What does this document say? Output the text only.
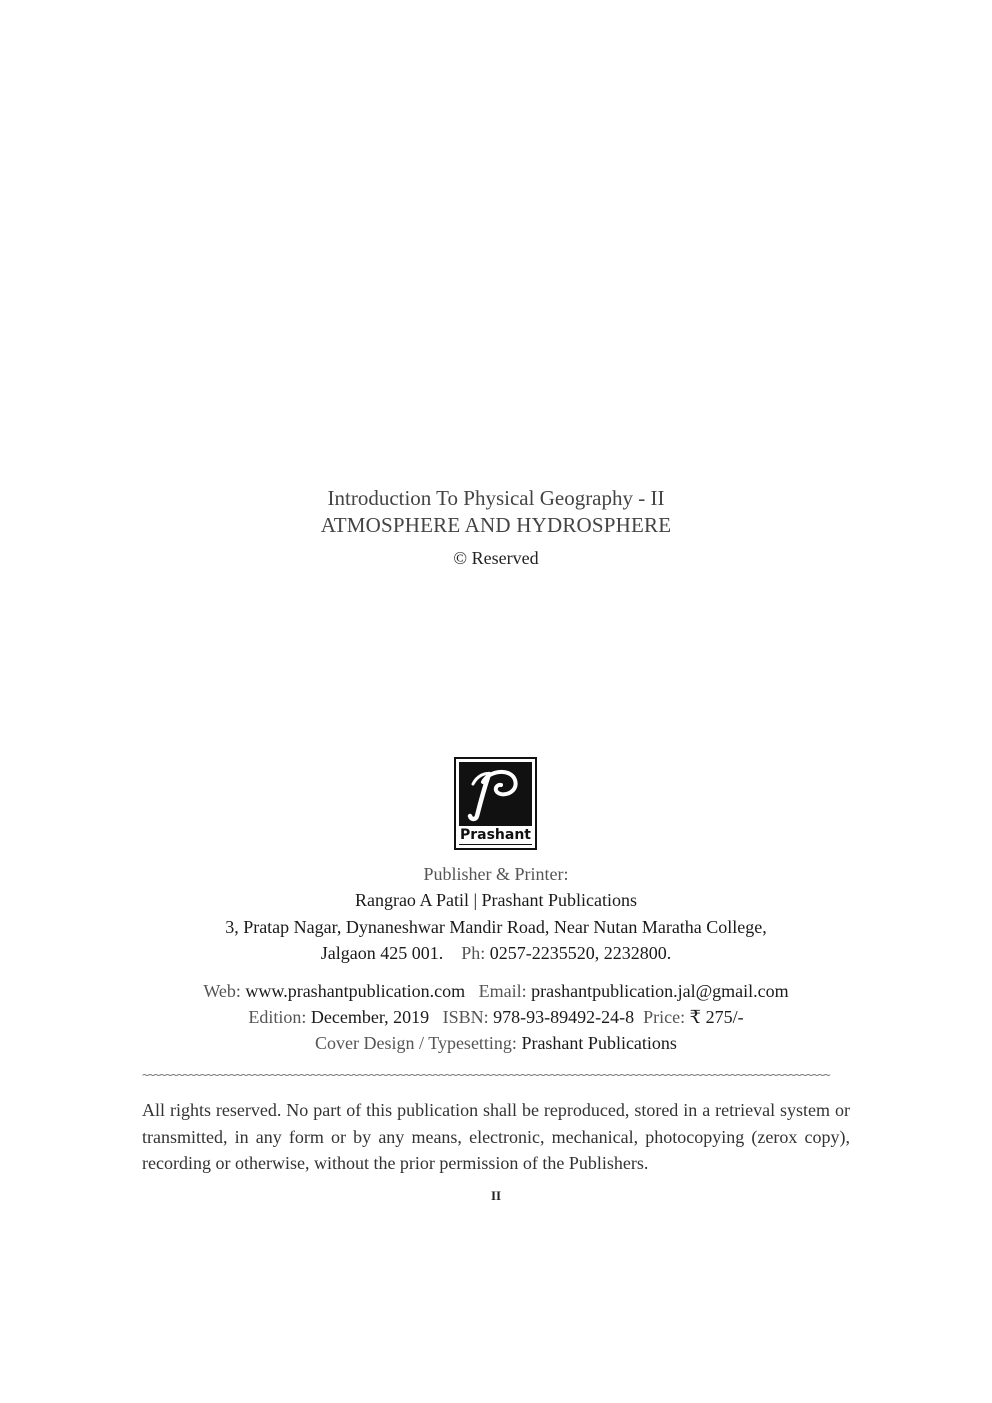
Introduction To Physical Geography - II
ATMOSPHERE AND HYDROSPHERE
© Reserved
Prashant
Publisher & Printer:
Rangrao A Patil | Prashant Publications
3, Pratap Nagar, Dynaneshwar Mandir Road, Near Nutan Maratha College,
Jalgaon 425 001. Ph: 0257-2235520, 2232800.
Web: www.prashantpublication.com Email: prashantpublication.jal@gmail.com
Edition: December, 2019 ISBN: 978-93-89492-24-8 Price: ₹ 275/-
Cover Design / Typesetting: Prashant Publications
~~~~~~~~~~~~~~~~~~~~~~~~~~~~~~~~~~~~~~~~~~~~~~~~~~~~~~~~~~~~~~~~~~~~~~~~~~~~~~~~~~~~~~~~~~~~~~~~~~~~~~~~~~~~~~~~~~~~~~
All rights reserved. No part of this publication shall be reproduced, stored in a retrieval system or transmitted, in any form or by any means, electronic, mechanical, photocopying (zerox copy), recording or otherwise, without the prior permission of the Publishers.
II
